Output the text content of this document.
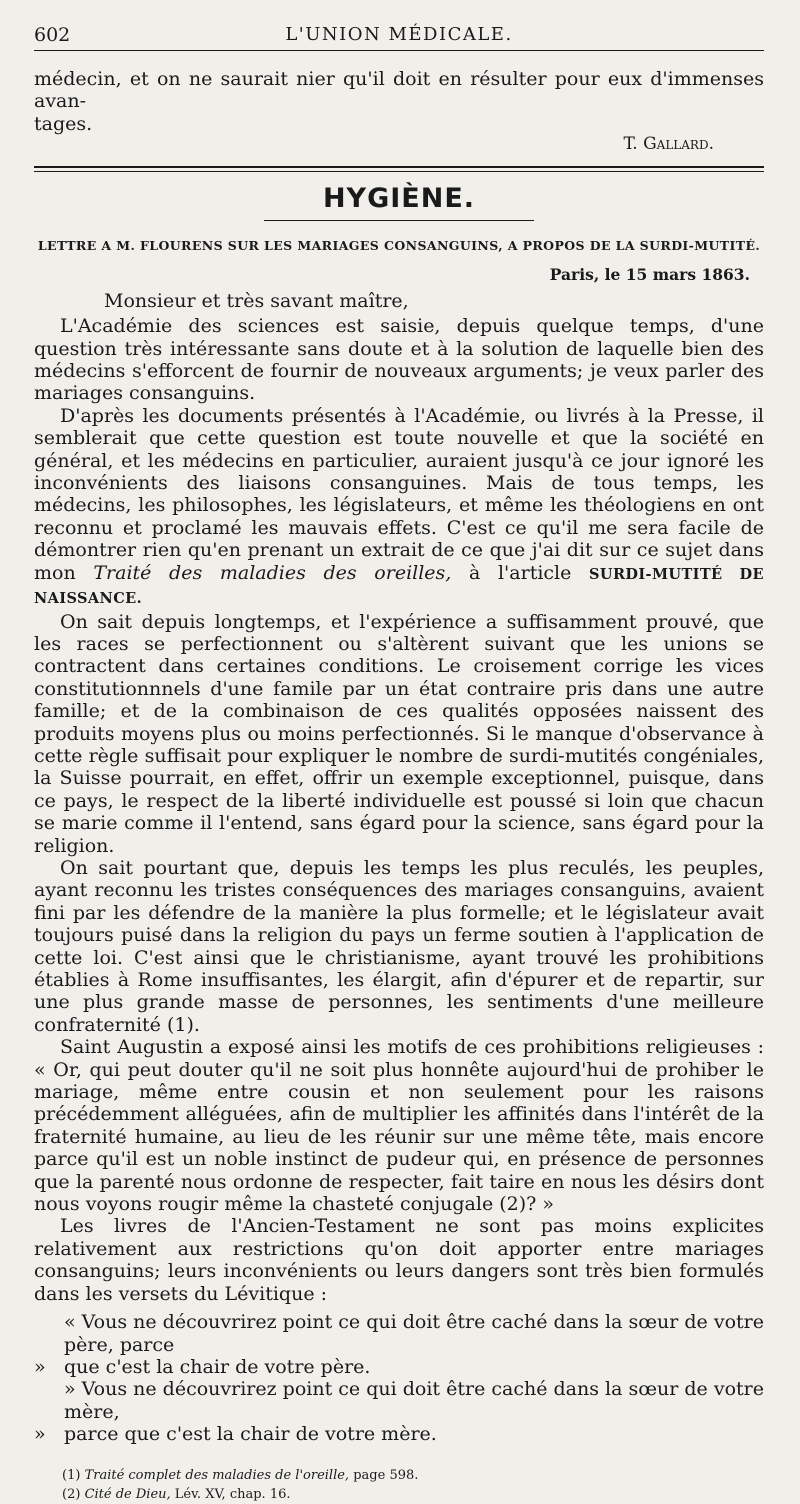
602	L'UNION MÉDICALE.

médecin, et on ne saurait nier qu'il doit en résulter pour eux d'immenses avan-

tages.

T. Gallard.
HYGIÈNE.
LETTRE A M. FLOURENS SUR LES MARIAGES CONSANGUINS, A PROPOS DE LA SURDI-MUTITÉ.
Paris, le 15 mars 1863.
Monsieur et très savant maître,

L'Académie des sciences est saisie, depuis quelque temps, d'une question très intéressante sans doute et à la solution de laquelle bien des médecins s'efforcent de fournir de nouveaux arguments; je veux parler des mariages consanguins.

D'après les documents présentés à l'Académie, ou livrés à la Presse, il semblerait que cette question est toute nouvelle et que la société en général, et les médecins en particulier, auraient jusqu'à ce jour ignoré les inconvénients des liaisons consanguines. Mais de tous temps, les médecins, les philosophes, les législateurs, et même les théologiens en ont reconnu et proclamé les mauvais effets. C'est ce qu'il me sera facile de démontrer rien qu'en prenant un extrait de ce que j'ai dit sur ce sujet dans mon Traité des maladies des oreilles, à l'article SURDI-MUTITÉ DE NAISSANCE.

On sait depuis longtemps, et l'expérience a suffisamment prouvé, que les races se perfectionnent ou s'altèrent suivant que les unions se contractent dans certaines conditions. Le croisement corrige les vices constitutionnnels d'une famile par un état contraire pris dans une autre famille; et de la combinaison de ces qualités opposées naissent des produits moyens plus ou moins perfectionnés. Si le manque d'observance à cette règle suffisait pour expliquer le nombre de surdi-mutités congéniales, la Suisse pourrait, en effet, offrir un exemple exceptionnel, puisque, dans ce pays, le respect de la liberté individuelle est poussé si loin que chacun se marie comme il l'entend, sans égard pour la science, sans égard pour la religion.

On sait pourtant que, depuis les temps les plus reculés, les peuples, ayant reconnu les tristes conséquences des mariages consanguins, avaient fini par les défendre de la manière la plus formelle; et le législateur avait toujours puisé dans la religion du pays un ferme soutien à l'application de cette loi. C'est ainsi que le christianisme, ayant trouvé les prohibitions établies à Rome insuffisantes, les élargit, afin d'épurer et de repartir, sur une plus grande masse de personnes, les sentiments d'une meilleure confraternité (1).

Saint Augustin a exposé ainsi les motifs de ces prohibitions religieuses : « Or, qui peut douter qu'il ne soit plus honnête aujourd'hui de prohiber le mariage, même entre cousin et non seulement pour les raisons précédemment alléguées, afin de multiplier les affinités dans l'intérêt de la fraternité humaine, au lieu de les réunir sur une même tête, mais encore parce qu'il est un noble instinct de pudeur qui, en présence de personnes que la parenté nous ordonne de respecter, fait taire en nous les désirs dont nous voyons rougir même la chasteté conjugale (2)? »

Les livres de l'Ancien-Testament ne sont pas moins explicites relativement aux restrictions qu'on doit apporter entre mariages consanguins; leurs inconvénients ou leurs dangers sont très bien formulés dans les versets du Lévitique :

« Vous ne découvrirez point ce qui doit être caché dans la sœur de votre père, parce

» que c'est la chair de votre père.

» Vous ne découvrirez point ce qui doit être caché dans la sœur de votre mère,

» parce que c'est la chair de votre mère.

(1) Traité complet des maladies de l'oreille, page 598.

(2) Cité de Dieu, Lév. XV, chap. 16.
